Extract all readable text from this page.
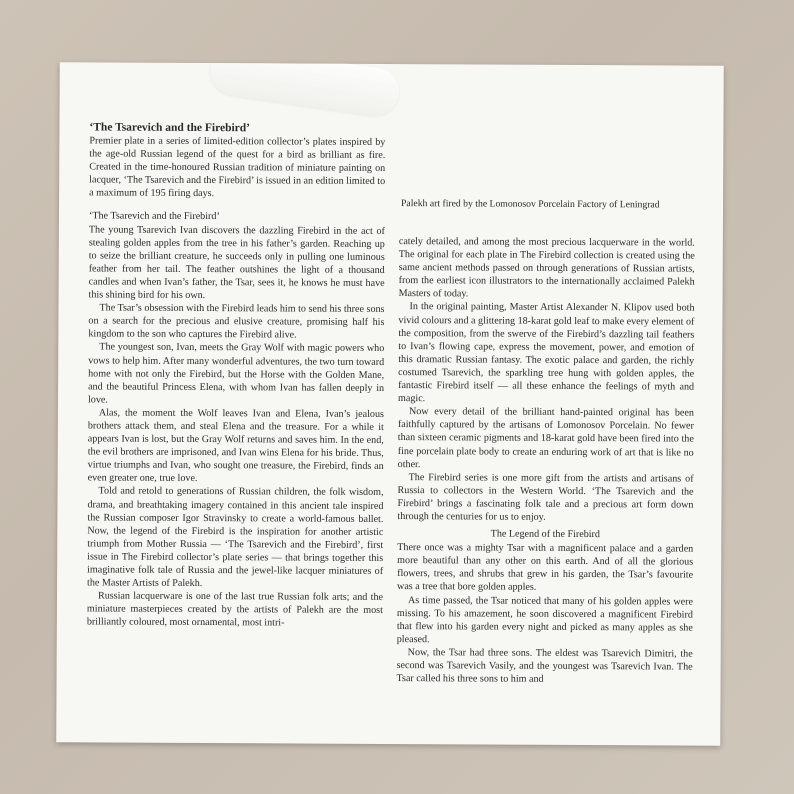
Palekh art fired by the Lomonosov Porcelain Factory of Leningrad

‘The Tsarevich and the Firebird’

Premier plate in a series of limited-edition collector’s plates inspired by the age-old Russian legend of the quest for a bird as brilliant as fire. Created in the time-honoured Russian tradition of miniature painting on lacquer, ‘The Tsarevich and the Firebird’ is issued in an edition limited to a maximum of 195 firing days.

‘The Tsarevich and the Firebird’

The young Tsarevich Ivan discovers the dazzling Firebird in the act of stealing golden apples from the tree in his father’s garden. Reaching up to seize the brilliant creature, he succeeds only in pulling one luminous feather from her tail. The feather outshines the light of a thousand candles and when Ivan’s father, the Tsar, sees it, he knows he must have this shining bird for his own.

The Tsar’s obsession with the Firebird leads him to send his three sons on a search for the precious and elusive creature, promising half his kingdom to the son who captures the Firebird alive.

The youngest son, Ivan, meets the Gray Wolf with magic powers who vows to help him. After many wonderful adventures, the two turn toward home with not only the Firebird, but the Horse with the Golden Mane, and the beautiful Princess Elena, with whom Ivan has fallen deeply in love.

Alas, the moment the Wolf leaves Ivan and Elena, Ivan’s jealous brothers attack them, and steal Elena and the treasure. For a while it appears Ivan is lost, but the Gray Wolf returns and saves him. In the end, the evil brothers are imprisoned, and Ivan wins Elena for his bride. Thus, virtue triumphs and Ivan, who sought one treasure, the Firebird, finds an even greater one, true love.

Told and retold to generations of Russian children, the folk wisdom, drama, and breathtaking imagery contained in this ancient tale inspired the Russian composer Igor Stravinsky to create a world-famous ballet. Now, the legend of the Firebird is the inspiration for another artistic triumph from Mother Russia — ‘The Tsarevich and the Firebird’, first issue in The Firebird collector’s plate series — that brings together this imaginative folk tale of Russia and the jewel-like lacquer miniatures of the Master Artists of Palekh.

Russian lacquerware is one of the last true Russian folk arts; and the miniature masterpieces created by the artists of Palekh are the most brilliantly coloured, most ornamental, most intri-

cately detailed, and among the most precious lacquerware in the world. The original for each plate in The Firebird collection is created using the same ancient methods passed on through generations of Russian artists, from the earliest icon illustrators to the internationally acclaimed Palekh Masters of today.

In the original painting, Master Artist Alexander N. Klipov used both vivid colours and a glittering 18-karat gold leaf to make every element of the composition, from the swerve of the Firebird’s dazzling tail feathers to Ivan’s flowing cape, express the movement, power, and emotion of this dramatic Russian fantasy. The exotic palace and garden, the richly costumed Tsarevich, the sparkling tree hung with golden apples, the fantastic Firebird itself — all these enhance the feelings of myth and magic.

Now every detail of the brilliant hand-painted original has been faithfully captured by the artisans of Lomonosov Porcelain. No fewer than sixteen ceramic pigments and 18-karat gold have been fired into the fine porcelain plate body to create an enduring work of art that is like no other.

The Firebird series is one more gift from the artists and artisans of Russia to collectors in the Western World. ‘The Tsarevich and the Firebird’ brings a fascinating folk tale and a precious art form down through the centuries for us to enjoy.

The Legend of the Firebird

There once was a mighty Tsar with a magnificent palace and a garden more beautiful than any other on this earth. And of all the glorious flowers, trees, and shrubs that grew in his garden, the Tsar’s favourite was a tree that bore golden apples.

As time passed, the Tsar noticed that many of his golden apples were missing. To his amazement, he soon discovered a magnificent Firebird that flew into his garden every night and picked as many apples as she pleased.

Now, the Tsar had three sons. The eldest was Tsarevich Dimitri, the second was Tsarevich Vasily, and the youngest was Tsarevich Ivan. The Tsar called his three sons to him and
